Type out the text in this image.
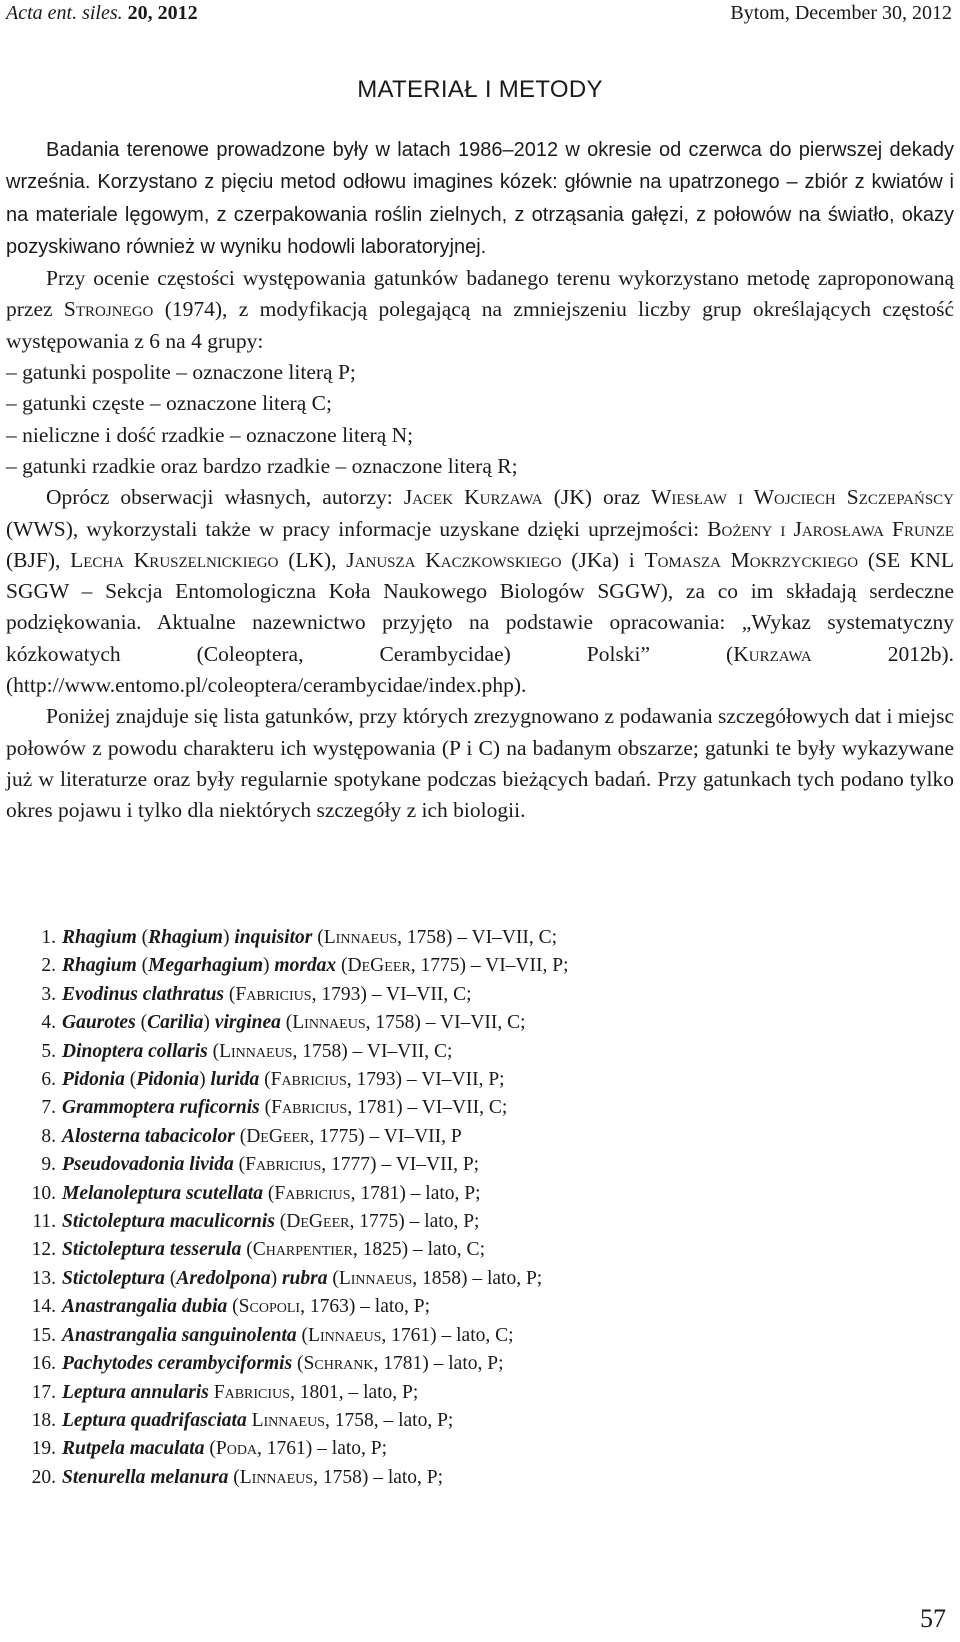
Acta ent. siles. 20, 2012	Bytom, December 30, 2012
MATERIAŁ I METODY

Badania terenowe prowadzone były w latach 1986–2012 w okresie od czerwca do pierwszej dekady września. Korzystano z pięciu metod odłowu imagines kózek: głównie na upatrzonego – zbiór z kwiatów i na materiale lęgowym, z czerpakowania roślin zielnych, z otrząsania gałęzi, z połowów na światło, okazy pozyskiwano również w wyniku hodowli laboratoryjnej.

Przy ocenie częstości występowania gatunków badanego terenu wykorzystano metodę zaproponowaną przez Strojnego (1974), z modyfikacją polegającą na zmniejszeniu liczby grup określających częstość występowania z 6 na 4 grupy:

– gatunki pospolite – oznaczone literą P;

– gatunki częste – oznaczone literą C;

– nieliczne i dość rzadkie – oznaczone literą N;

– gatunki rzadkie oraz bardzo rzadkie – oznaczone literą R;

Oprócz obserwacji własnych, autorzy: Jacek Kurzawa (JK) oraz Wiesław i Wojciech Szczepańscy (WWS), wykorzystali także w pracy informacje uzyskane dzięki uprzejmości: Bożeny i Jarosława Frunze (BJF), Lecha Kruszelnickiego (LK), Janusza Kaczkowskiego (JKa) i Tomasza Mokrzyckiego (SE KNL SGGW – Sekcja Entomologiczna Koła Naukowego Biologów SGGW), za co im składają serdeczne podziękowania. Aktualne nazewnictwo przyjęto na podstawie opracowania: „Wykaz systematyczny kózkowatych (Coleoptera, Cerambycidae) Polski” (Kurzawa 2012b). (http://www.entomo.pl/coleoptera/cerambycidae/index.php).

Poniżej znajduje się lista gatunków, przy których zrezygnowano z podawania szczegółowych dat i miejsc połowów z powodu charakteru ich występowania (P i C) na badanym obszarze; gatunki te były wykazywane już w literaturze oraz były regularnie spotykane podczas bieżących badań. Przy gatunkach tych podano tylko okres pojawu i tylko dla niektórych szczegóły z ich biologii.

1. Rhagium (Rhagium) inquisitor (Linnaeus, 1758) – VI–VII, C;
2. Rhagium (Megarhagium) mordax (DeGeer, 1775) – VI–VII, P;
3. Evodinus clathratus (Fabricius, 1793) – VI–VII, C;
4. Gaurotes (Carilia) virginea (Linnaeus, 1758) – VI–VII, C;
5. Dinoptera collaris (Linnaeus, 1758) – VI–VII, C;
6. Pidonia (Pidonia) lurida (Fabricius, 1793) – VI–VII, P;
7. Grammoptera ruficornis (Fabricius, 1781) – VI–VII, C;
8. Alosterna tabacicolor (DeGeer, 1775) – VI–VII, P
9. Pseudovadonia livida (Fabricius, 1777) – VI–VII, P;
10. Melanoleptura scutellata (Fabricius, 1781) – lato, P;
11. Stictoleptura maculicornis (DeGeer, 1775) – lato, P;
12. Stictoleptura tesserula (Charpentier, 1825) – lato, C;
13. Stictoleptura (Aredolpona) rubra (Linnaeus, 1858) – lato, P;
14. Anastrangalia dubia (Scopoli, 1763) – lato, P;
15. Anastrangalia sanguinolenta (Linnaeus, 1761) – lato, C;
16. Pachytodes cerambyciformis (Schrank, 1781) – lato, P;
17. Leptura annularis Fabricius, 1801, – lato, P;
18. Leptura quadrifasciata Linnaeus, 1758, – lato, P;
19. Rutpela maculata (Poda, 1761) – lato, P;
20. Stenurella melanura (Linnaeus, 1758) – lato, P;
57
